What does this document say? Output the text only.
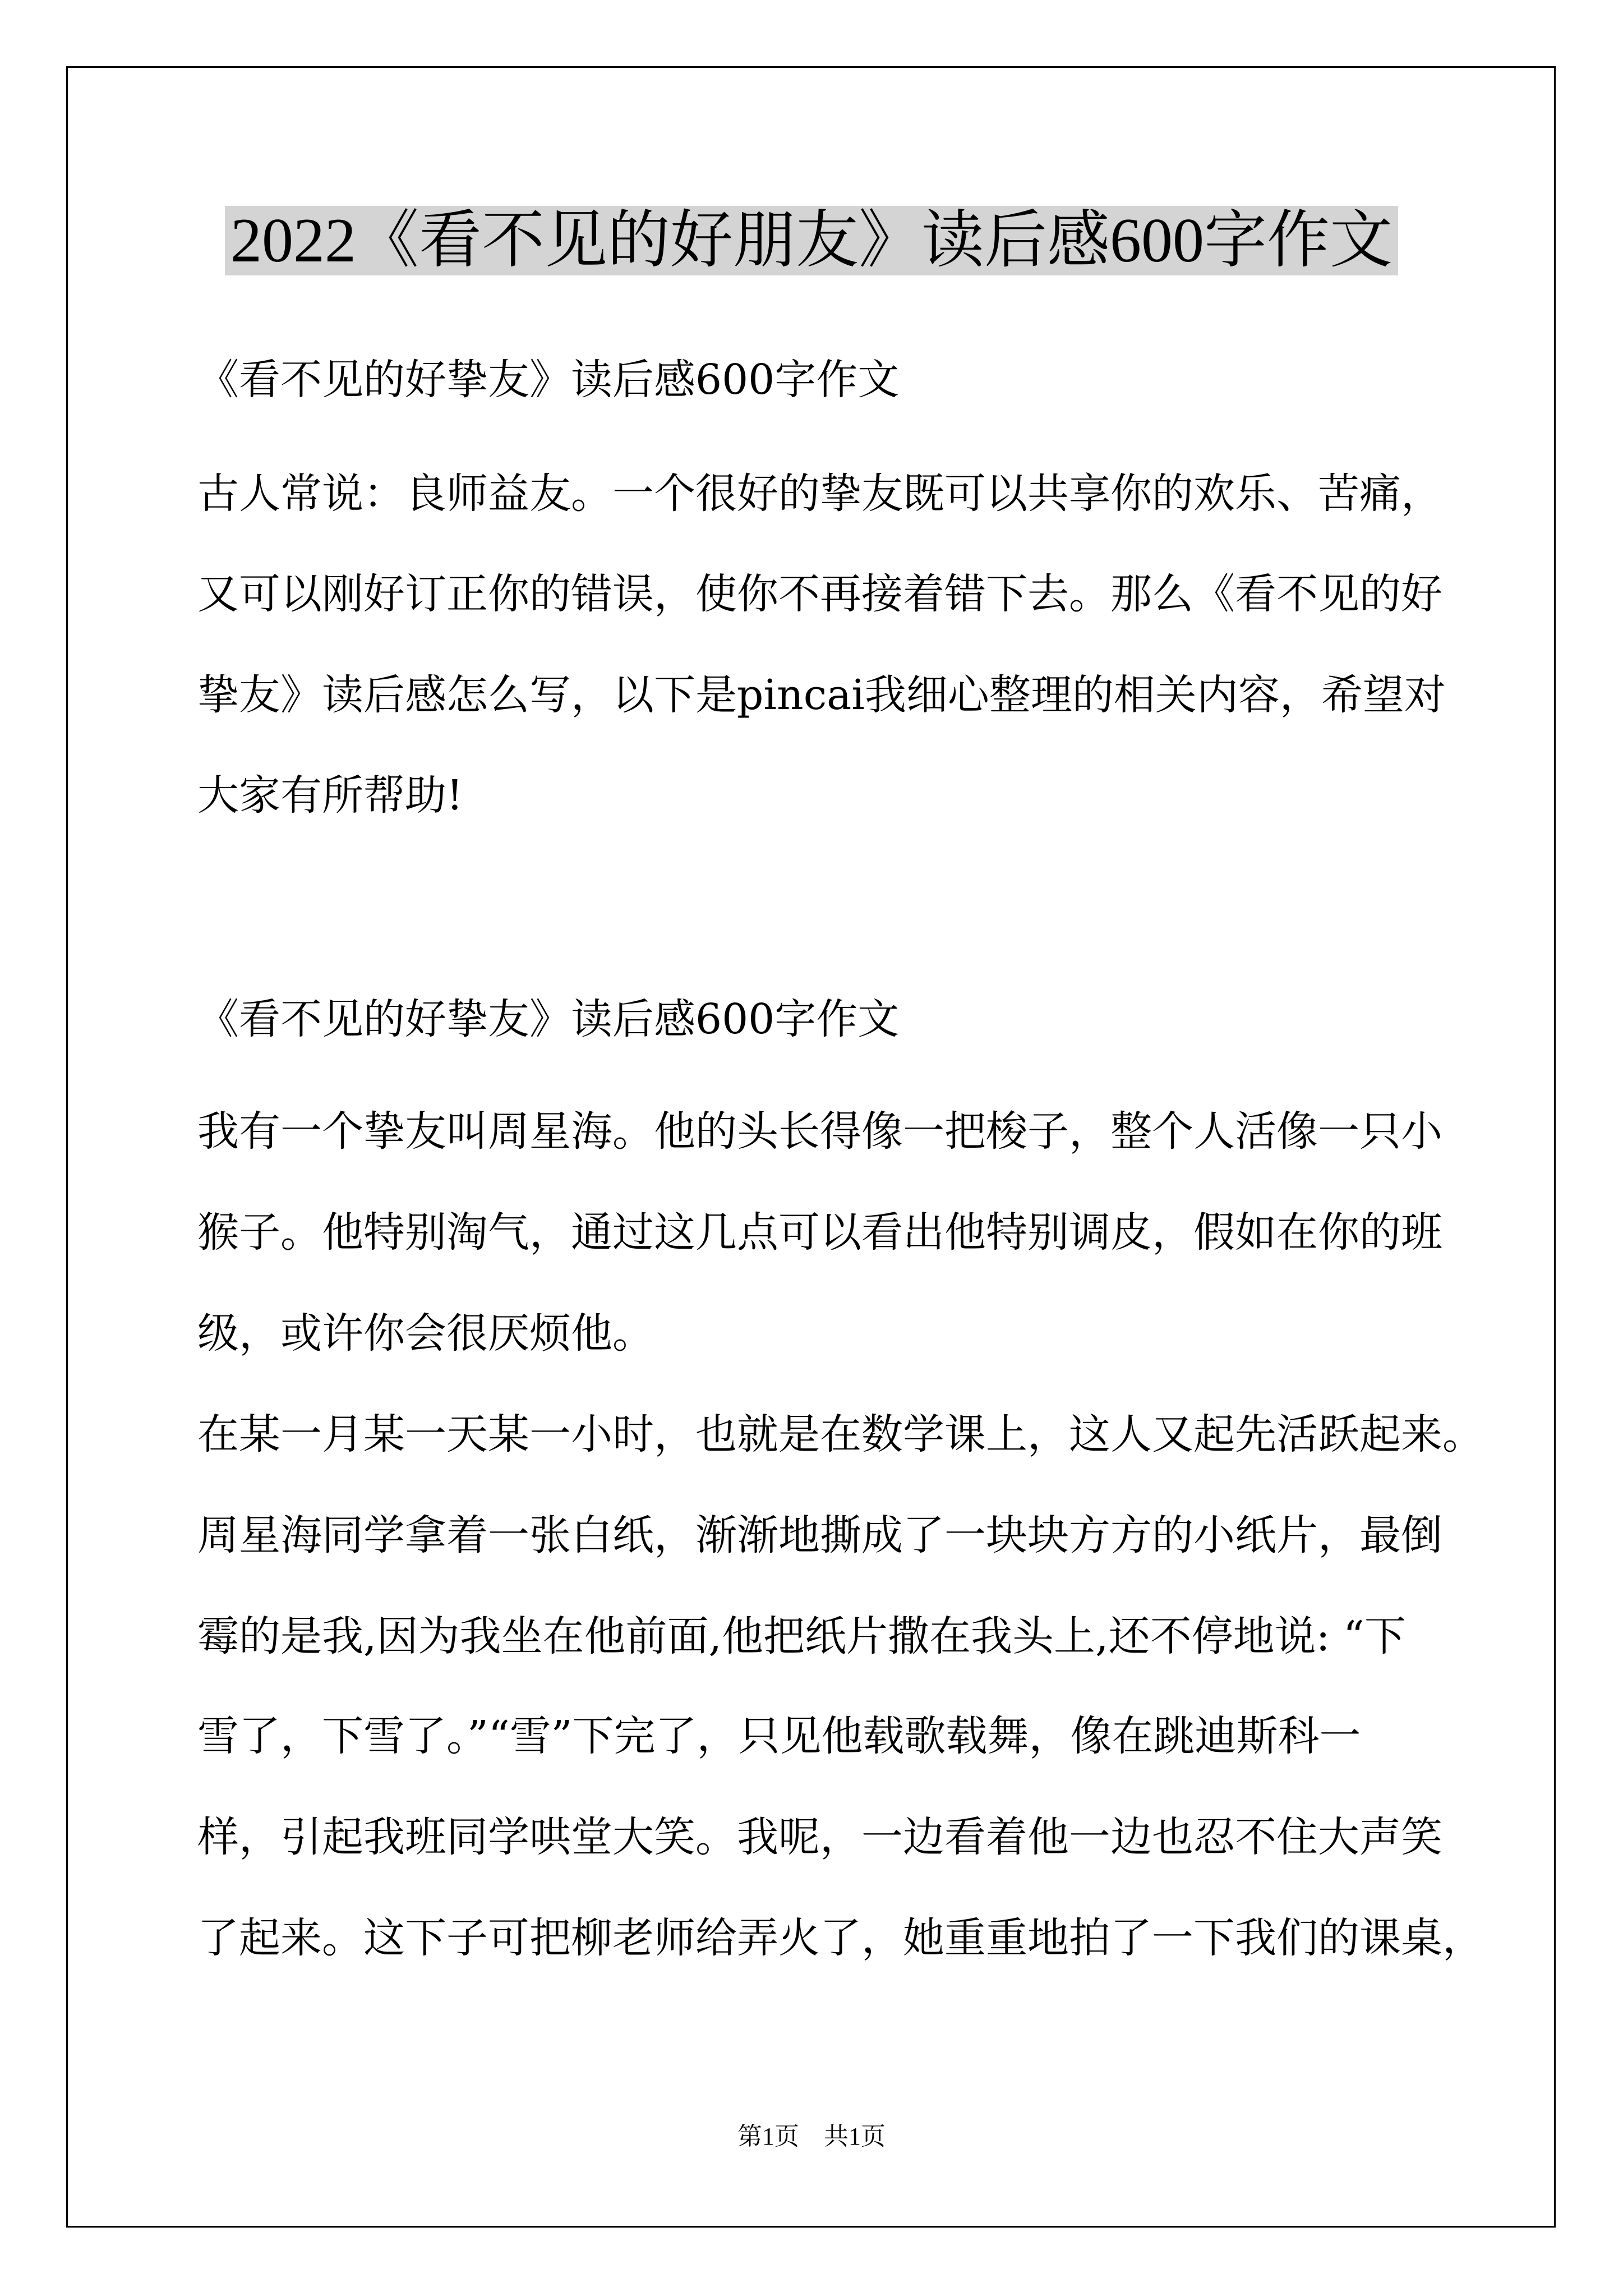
2022《看不见的好朋友》读后感600字作文
《看不见的好挚友》读后感600字作文
古人常说：良师益友。一个很好的挚友既可以共享你的欢乐、苦痛，
又可以刚好订正你的错误，使你不再接着错下去。那么《看不见的好
挚友》读后感怎么写，以下是pincai我细心整理的相关内容，希望对
大家有所帮助!
《看不见的好挚友》读后感600字作文
我有一个挚友叫周星海。他的头长得像一把梭子，整个人活像一只小
猴子。他特别淘气，通过这几点可以看出他特别调皮，假如在你的班
级，或许你会很厌烦他。
在某一月某一天某一小时，也就是在数学课上，这人又起先活跃起来。
周星海同学拿着一张白纸，渐渐地撕成了一块块方方的小纸片，最倒
霉的是我,因为我坐在他前面,他把纸片撒在我头上,还不停地说: “下
雪了，下雪了。”“雪”下完了，只见他载歌载舞，像在跳迪斯科一
样，引起我班同学哄堂大笑。我呢，一边看着他一边也忍不住大声笑
了起来。这下子可把柳老师给弄火了，她重重地拍了一下我们的课桌，
第1页　共1页
